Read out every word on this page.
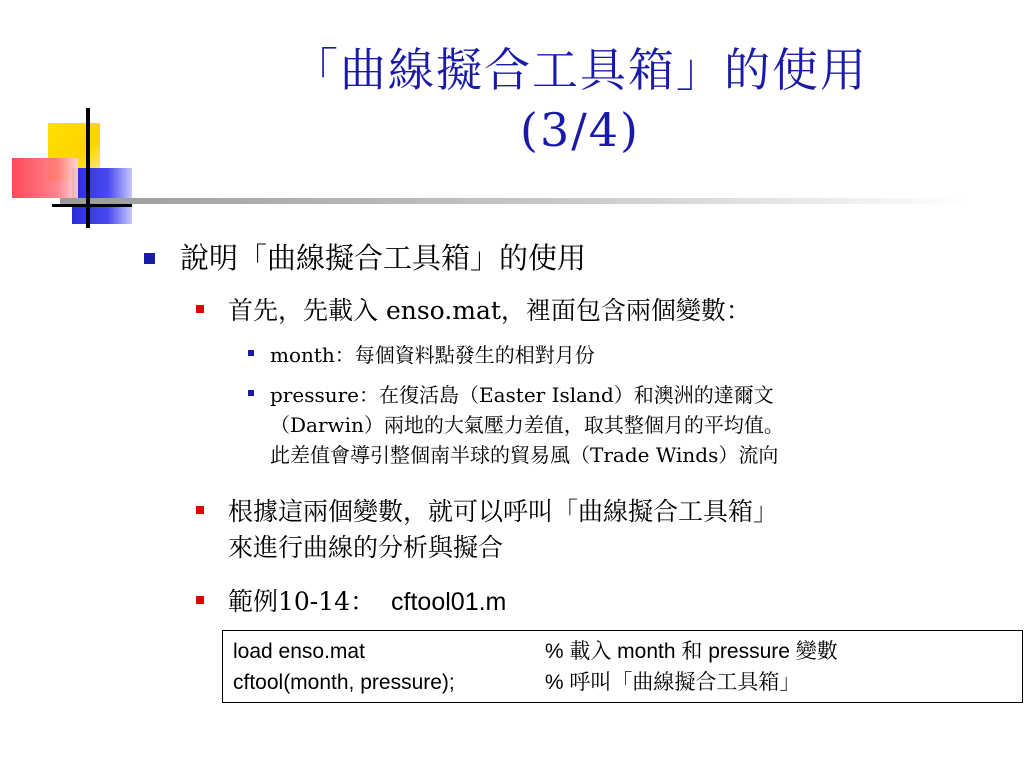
「曲線擬合工具箱」的使用
(3/4)
說明「曲線擬合工具箱」的使用
首先，先載入 enso.mat，裡面包含兩個變數：
month：每個資料點發生的相對月份
pressure：在復活島（Easter Island）和澳洲的達爾文
（Darwin）兩地的大氣壓力差值，取其整個月的平均值。
此差值會導引整個南半球的貿易風（Trade Winds）流向
根據這兩個變數，就可以呼叫「曲線擬合工具箱」
來進行曲線的分析與擬合
範例10-14： cftool01.m
load enso.mat	% 載入 month 和 pressure 變數
cftool(month, pressure);	% 呼叫「曲線擬合工具箱」
